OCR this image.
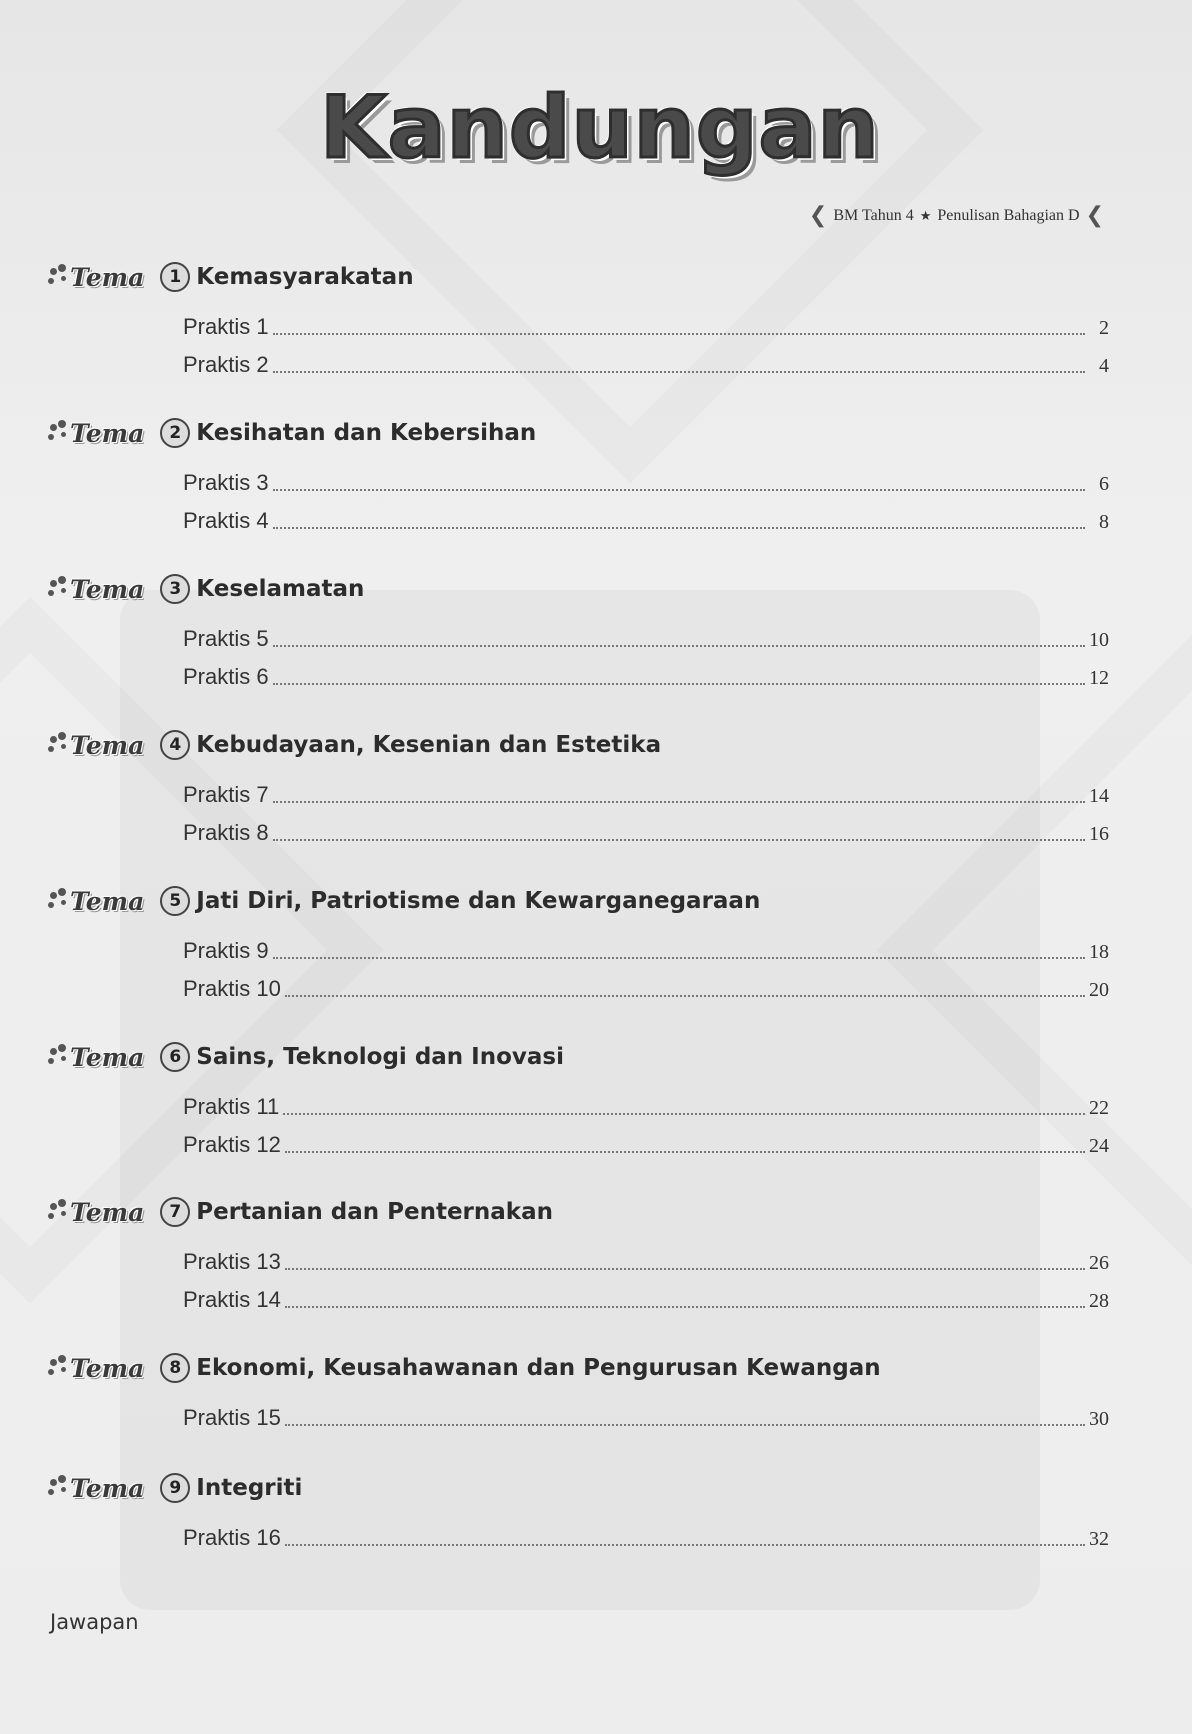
Kandungan
❮ BM Tahun 4 ★ Penulisan Bahagian D ❮
Tema	1 Kemasyarakatan
Praktis 1	2
Praktis 2	4
Tema	2 Kesihatan dan Kebersihan
Praktis 3	6
Praktis 4	8
Tema	3 Keselamatan
Praktis 5	10
Praktis 6	12
Tema	4 Kebudayaan, Kesenian dan Estetika
Praktis 7	14
Praktis 8	16
Tema	5 Jati Diri, Patriotisme dan Kewarganegaraan
Praktis 9	18
Praktis 10	20
Tema	6 Sains, Teknologi dan Inovasi
Praktis 11	22
Praktis 12	24
Tema	7 Pertanian dan Penternakan
Praktis 13	26
Praktis 14	28
Tema	8 Ekonomi, Keusahawanan dan Pengurusan Kewangan
Praktis 15	30
Tema	9 Integriti
Praktis 16	32
Jawapan
